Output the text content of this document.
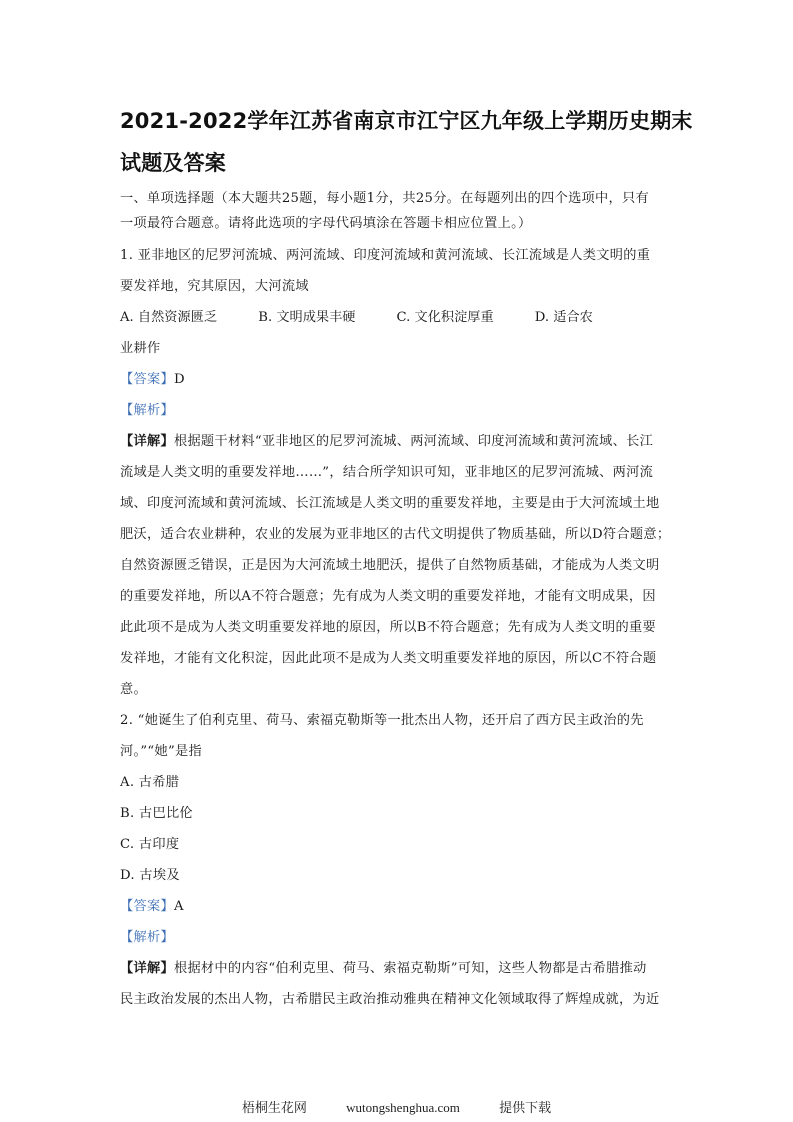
2021-2022学年江苏省南京市江宁区九年级上学期历史期末
试题及答案

一、单项选择题（本大题共25题，每小题1分，共25分。在每题列出的四个选项中，只有

一项最符合题意。请将此选项的字母代码填涂在答题卡相应位置上。）

1. 亚非地区的尼罗河流城、两河流域、印度河流域和黄河流域、长江流域是人类文明的重

要发祥地，究其原因，大河流域

A. 自然资源匮乏	B. 文明成果丰硬	C. 文化积淀厚重	D. 适合农

业耕作

【答案】D

【解析】

【详解】根据题干材料“亚非地区的尼罗河流城、两河流域、印度河流域和黄河流域、长江

流域是人类文明的重要发祥地……”，结合所学知识可知，亚非地区的尼罗河流城、两河流

域、印度河流域和黄河流域、长江流域是人类文明的重要发祥地，主要是由于大河流域土地

肥沃，适合农业耕种，农业的发展为亚非地区的古代文明提供了物质基础，所以D符合题意；

自然资源匮乏错误，正是因为大河流域土地肥沃，提供了自然物质基础，才能成为人类文明

的重要发祥地，所以A不符合题意；先有成为人类文明的重要发祥地，才能有文明成果，因

此此项不是成为人类文明重要发祥地的原因，所以B不符合题意；先有成为人类文明的重要

发祥地，才能有文化积淀，因此此项不是成为人类文明重要发祥地的原因，所以C不符合题

意。

2. “她诞生了伯利克里、荷马、索福克勒斯等一批杰出人物，还开启了西方民主政治的先

河。”“她”是指

A. 古希腊

B. 古巴比伦

C. 古印度

D. 古埃及

【答案】A

【解析】

【详解】根据材中的内容“伯利克里、荷马、索福克勒斯”可知，这些人物都是古希腊推动

民主政治发展的杰出人物，古希腊民主政治推动雅典在精神文化领域取得了辉煌成就，为近

梧桐生花网	wutongshenghua.com	提供下载
